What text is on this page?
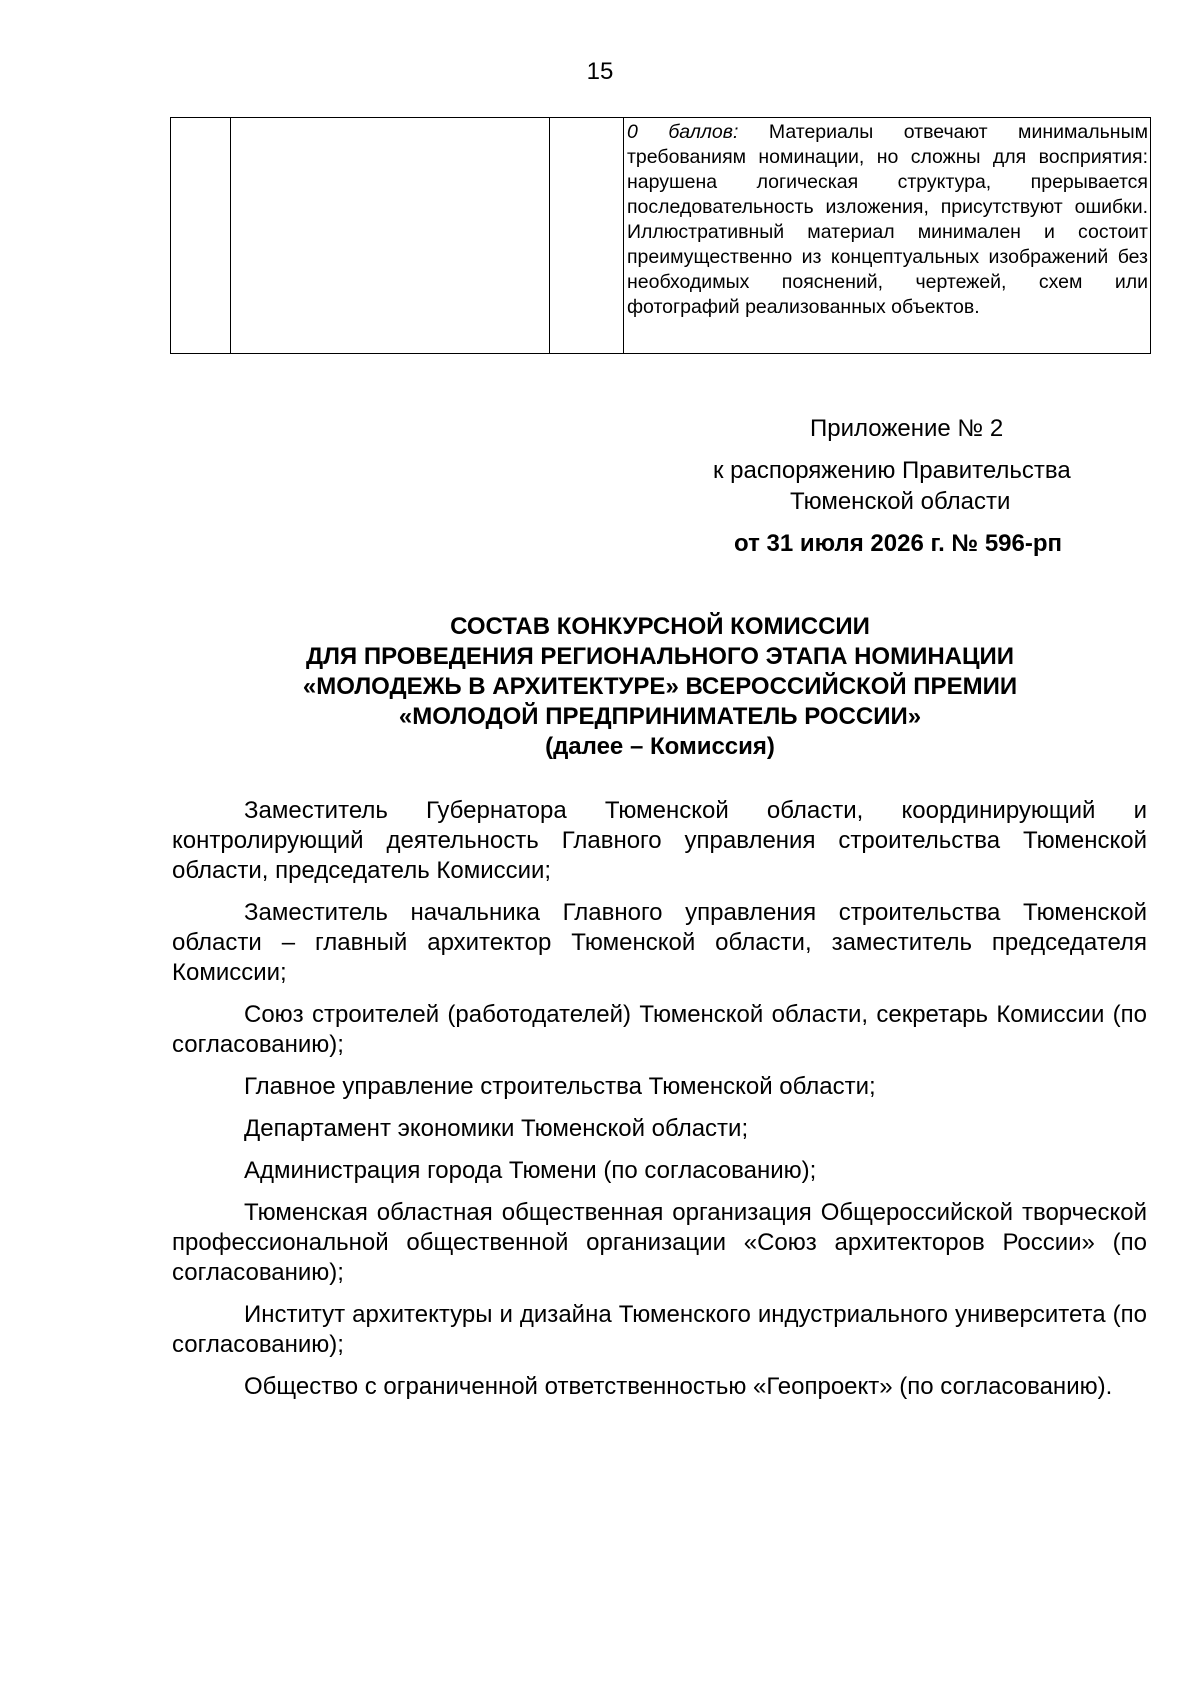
15
			0 баллов: Материалы отвечают минимальным требованиям номинации, но сложны для восприятия: нарушена логическая структура, прерывается последовательность изложения, присутствуют ошибки. Иллюстративный материал минимален и состоит преимущественно из концептуальных изображений без необходимых пояснений, чертежей, схем или фотографий реализованных объектов.
Приложение № 2
к распоряжению Правительства
Тюменской области
от 31 июля 2026 г. № 596-рп
СОСТАВ КОНКУРСНОЙ КОМИССИИ
ДЛЯ ПРОВЕДЕНИЯ РЕГИОНАЛЬНОГО ЭТАПА НОМИНАЦИИ
«МОЛОДЕЖЬ В АРХИТЕКТУРЕ» ВСЕРОССИЙСКОЙ ПРЕМИИ
«МОЛОДОЙ ПРЕДПРИНИМАТЕЛЬ РОССИИ»
(далее – Комиссия)

Заместитель Губернатора Тюменской области, координирующий и контролирующий деятельность Главного управления строительства Тюменской области, председатель Комиссии;

Заместитель начальника Главного управления строительства Тюменской области – главный архитектор Тюменской области, заместитель председателя Комиссии;

Союз строителей (работодателей) Тюменской области, секретарь Комиссии (по согласованию);

Главное управление строительства Тюменской области;

Департамент экономики Тюменской области;

Администрация города Тюмени (по согласованию);

Тюменская областная общественная организация Общероссийской творческой профессиональной общественной организации «Союз архитекторов России» (по согласованию);

Институт архитектуры и дизайна Тюменского индустриального университета (по согласованию);

Общество с ограниченной ответственностью «Геопроект» (по согласованию).
